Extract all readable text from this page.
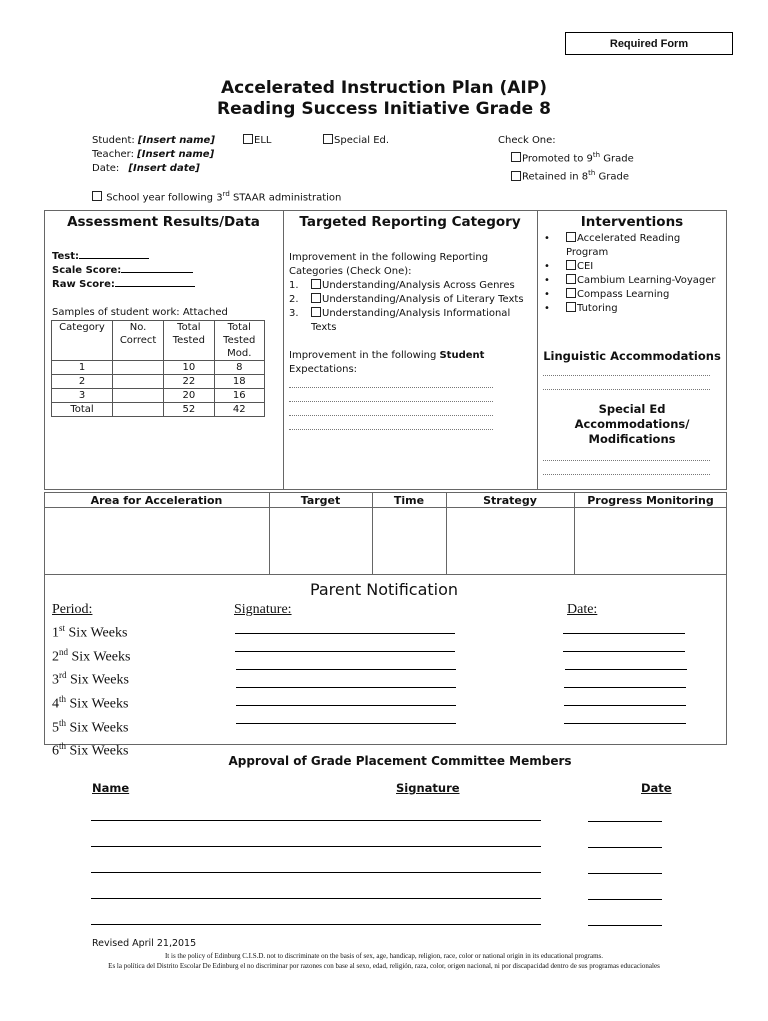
Required Form
Accelerated Instruction Plan (AIP)
Reading Success Initiative Grade 8
Student: [Insert name]
Teacher: [Insert name]
Date: [Insert date]
ELL	Special Ed.	Check One:
Promoted to 9th Grade
Retained in 8th Grade
School year following 3rd STAAR administration
Assessment Results/Data
Test:
Scale Score:
Raw Score:
Samples of student work: Attached
Category	No. Correct	Total Tested	Total Tested Mod.
1		10	8
2		22	18
3		20	16
Total		52	42
Targeted Reporting Category
Improvement in the following Reporting
Categories (Check One):
1. Understanding/Analysis Across Genres
2. Understanding/Analysis of Literary Texts
3. Understanding/Analysis Informational
Texts
Improvement in the following Student
Expectations:
Interventions
•	Accelerated Reading
Program
•	CEI
•	Cambium Learning-Voyager
•	Compass Learning
•	Tutoring
Linguistic Accommodations
Special Ed
Accommodations/
Modifications
Area for Acceleration	Target	Time	Strategy	Progress Monitoring
Parent Notification
Period:
1st Six Weeks
2nd Six Weeks
3rd Six Weeks
4th Six Weeks
5th Six Weeks
6th Six Weeks
Signature:	Date:
Approval of Grade Placement Committee Members
Name	Signature	Date
Revised April 21,2015
It is the policy of Edinburg C.I.S.D. not to discriminate on the basis of sex, age, handicap, religion, race, color or national origin in its educational programs.
Es la política del Distrito Escolar De Edinburg el no discriminar por razones con base al sexo, edad, religión, raza, color, origen nacional, ni por discapacidad dentro de sus programas educacionales
